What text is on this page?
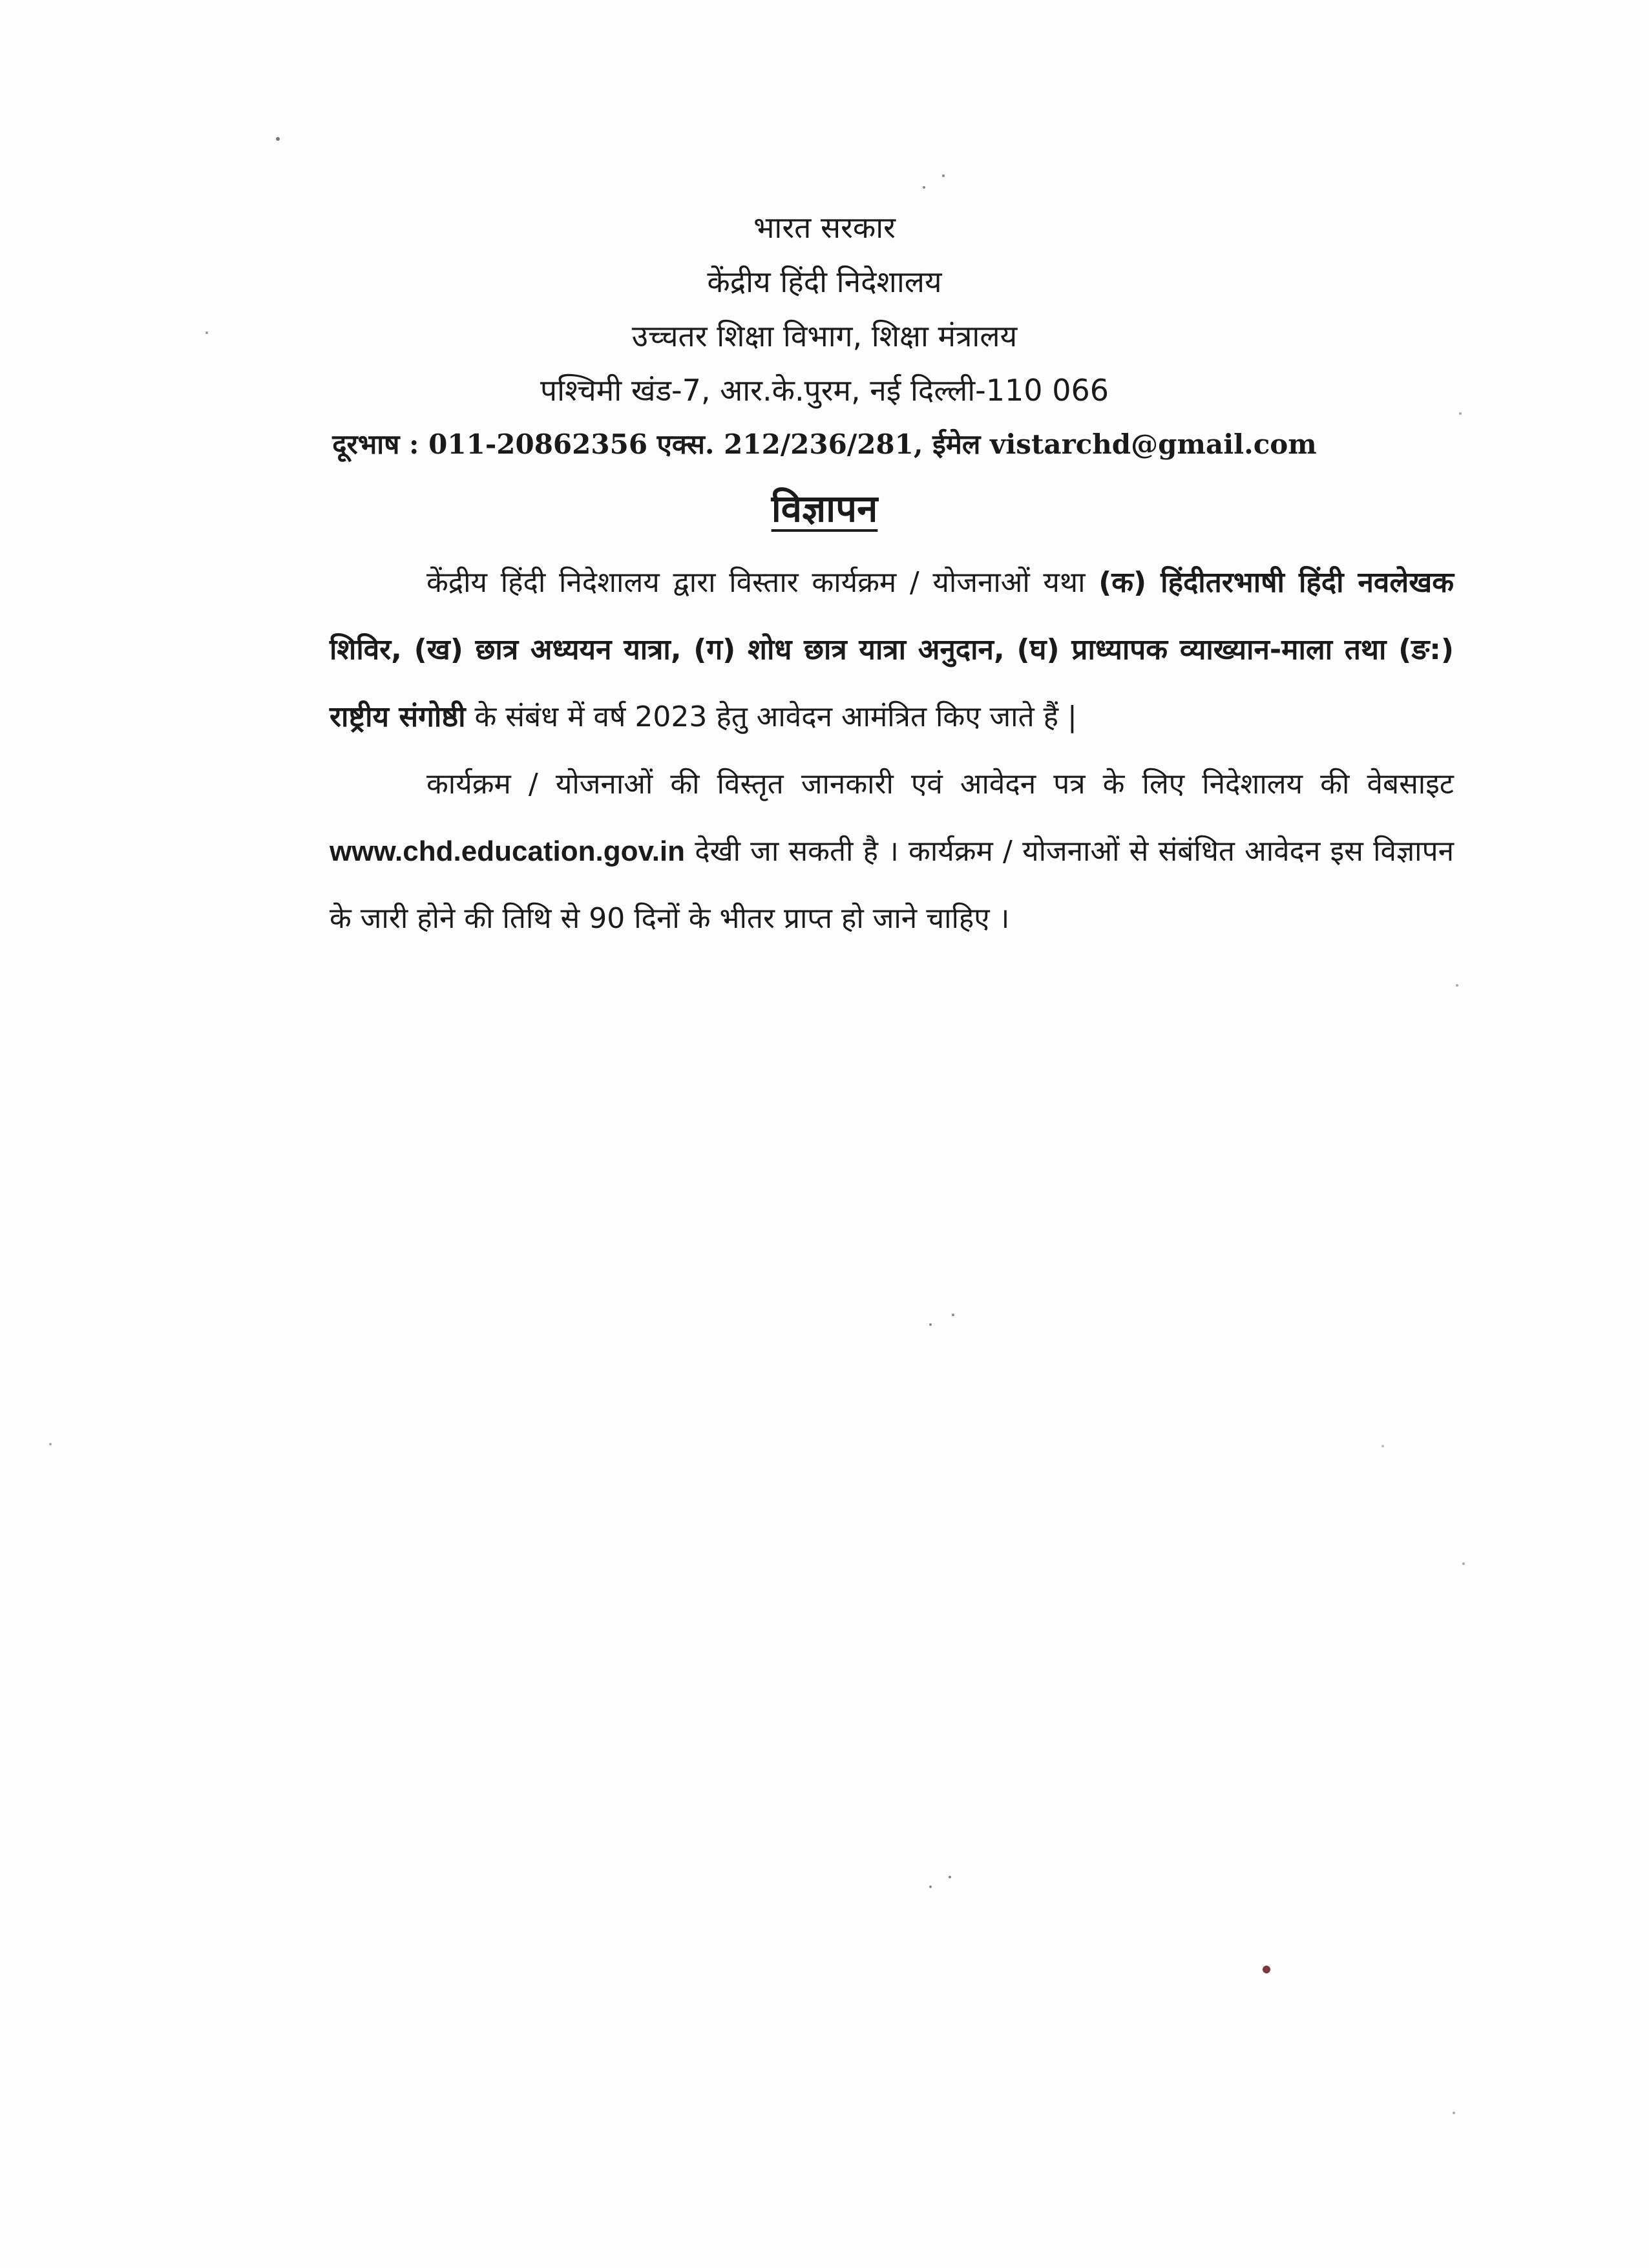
भारत सरकार
केंद्रीय हिंदी निदेशालय
उच्चतर शिक्षा विभाग, शिक्षा मंत्रालय
पश्चिमी खंड-7, आर.के.पुरम, नई दिल्ली-110 066
दूरभाष : 011-20862356 एक्स. 212/236/281, ईमेल vistarchd@gmail.com
विज्ञापन

केंद्रीय हिंदी निदेशालय द्वारा विस्तार कार्यक्रम / योजनाओं यथा (क) हिंदीतरभाषी हिंदी नवलेखक शिविर, (ख) छात्र अध्ययन यात्रा, (ग) शोध छात्र यात्रा अनुदान, (घ) प्राध्यापक व्याख्यान-माला तथा (ङ:) राष्ट्रीय संगोष्ठी के संबंध में वर्ष 2023 हेतु आवेदन आमंत्रित किए जाते हैं |

कार्यक्रम / योजनाओं की विस्तृत जानकारी एवं आवेदन पत्र के लिए निदेशालय की वेबसाइट www.chd.education.gov.in देखी जा सकती है । कार्यक्रम / योजनाओं से संबंधित आवेदन इस विज्ञापन के जारी होने की तिथि से 90 दिनों के भीतर प्राप्त हो जाने चाहिए ।
